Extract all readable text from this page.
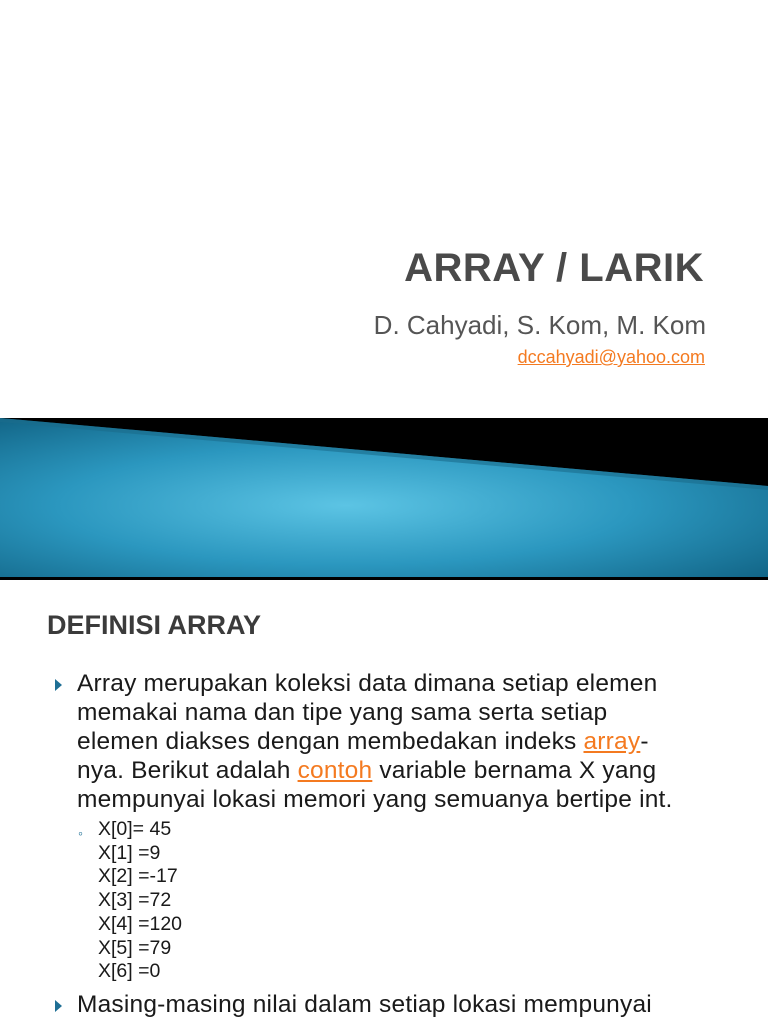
ARRAY / LARIK
D. Cahyadi, S. Kom, M. Kom
dccahyadi@yahoo.com
DEFINISI ARRAY
Array merupakan koleksi data dimana setiap elemen
memakai nama dan tipe yang sama serta setiap
elemen diakses dengan membedakan indeks array-
nya. Berikut adalah contoh variable bernama X yang
mempunyai lokasi memori yang semuanya bertipe int.
◦ X[0]= 45
X[1] =9
X[2] =-17
X[3] =72
X[4] =120
X[5] =79
X[6] =0
Masing-masing nilai dalam setiap lokasi mempunyai
